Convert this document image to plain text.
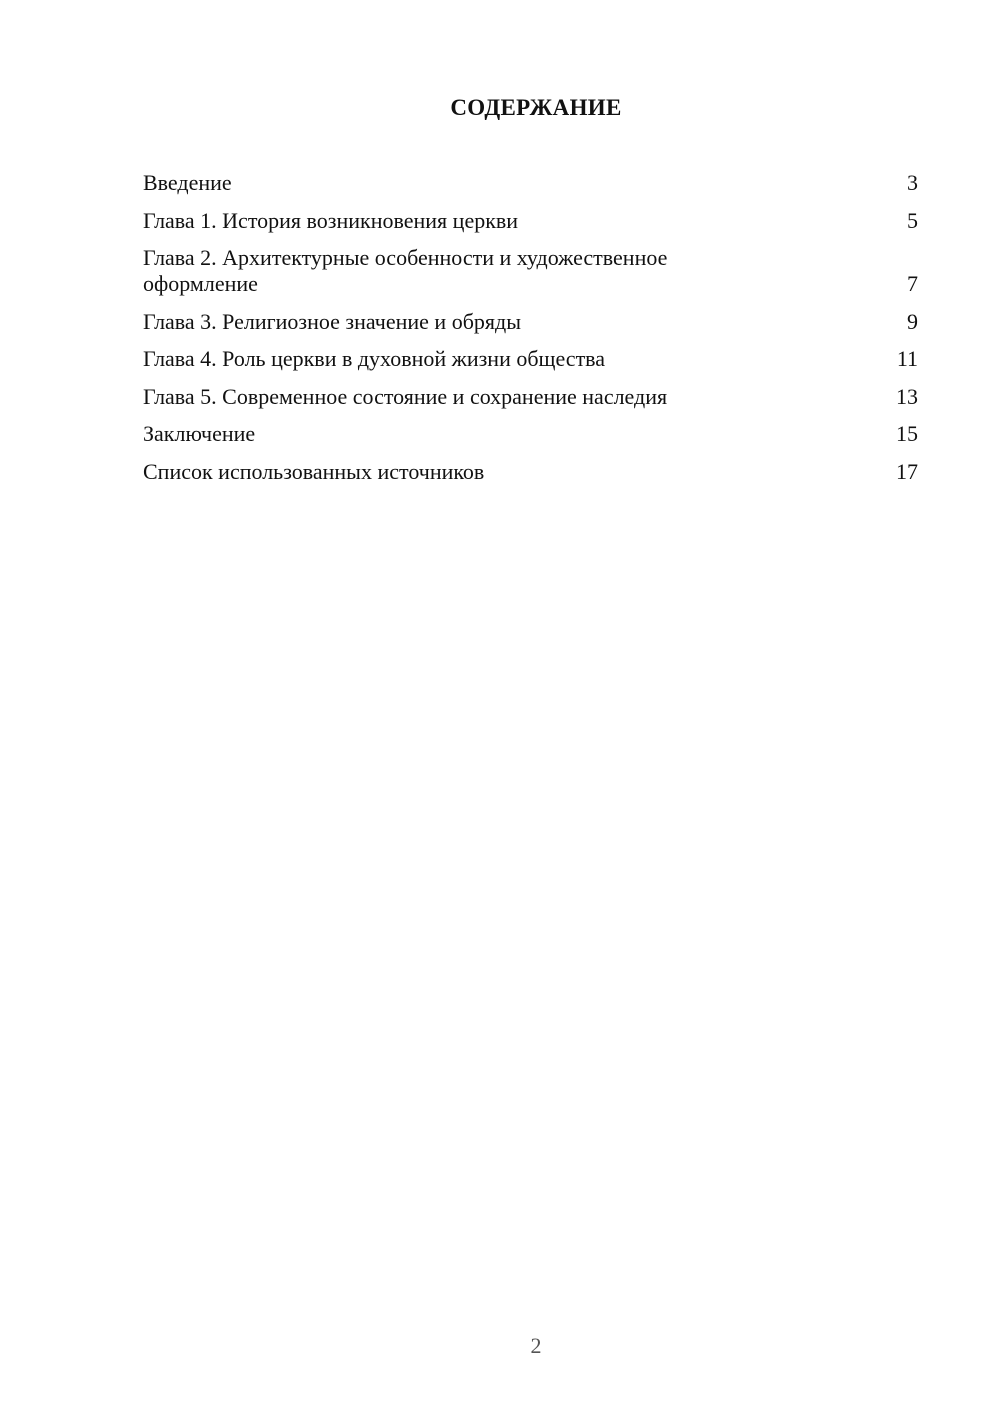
СОДЕРЖАНИЕ
Введение	3
Глава 1. История возникновения церкви	5
Глава 2. Архитектурные особенности и художественное оформление	7
Глава 3. Религиозное значение и обряды	9
Глава 4. Роль церкви в духовной жизни общества	11
Глава 5. Современное состояние и сохранение наследия	13
Заключение	15
Список использованных источников	17
2
